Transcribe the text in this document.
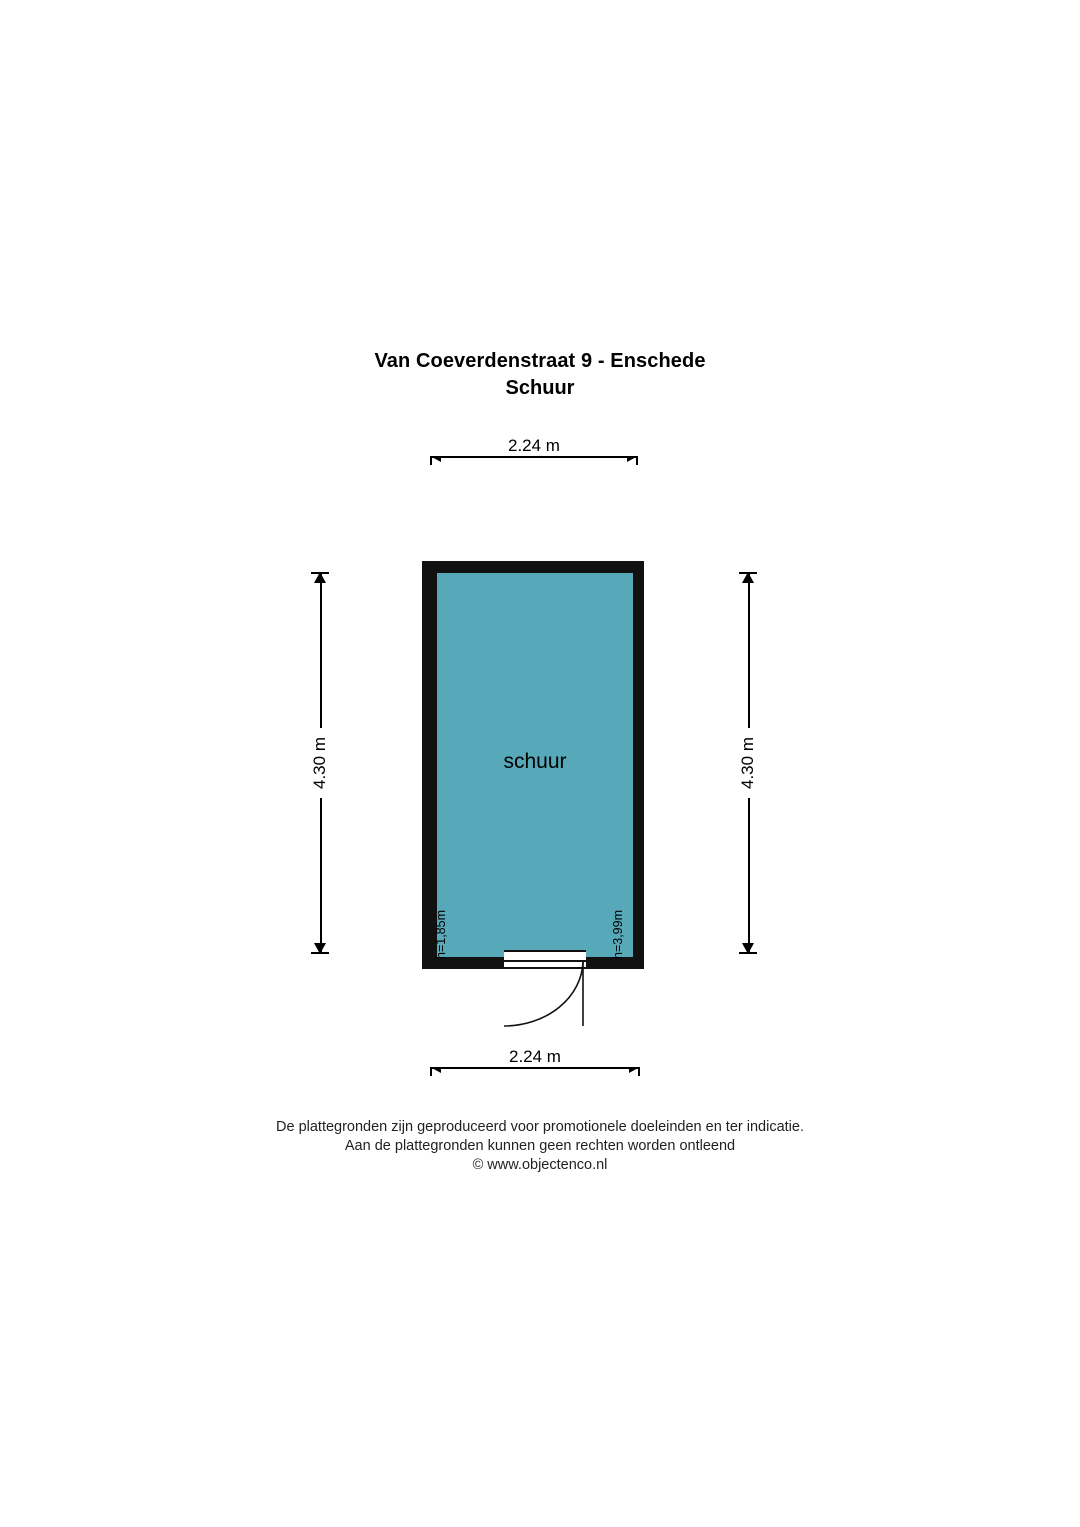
Van Coeverdenstraat 9 - Enschede
Schuur
2.24 m
4.30 m	4.30 m
schuur
h=1,85m	h=3,99m
2.24 m
De plattegronden zijn geproduceerd voor promotionele doeleinden en ter indicatie.
Aan de plattegronden kunnen geen rechten worden ontleend
© www.objectenco.nl
